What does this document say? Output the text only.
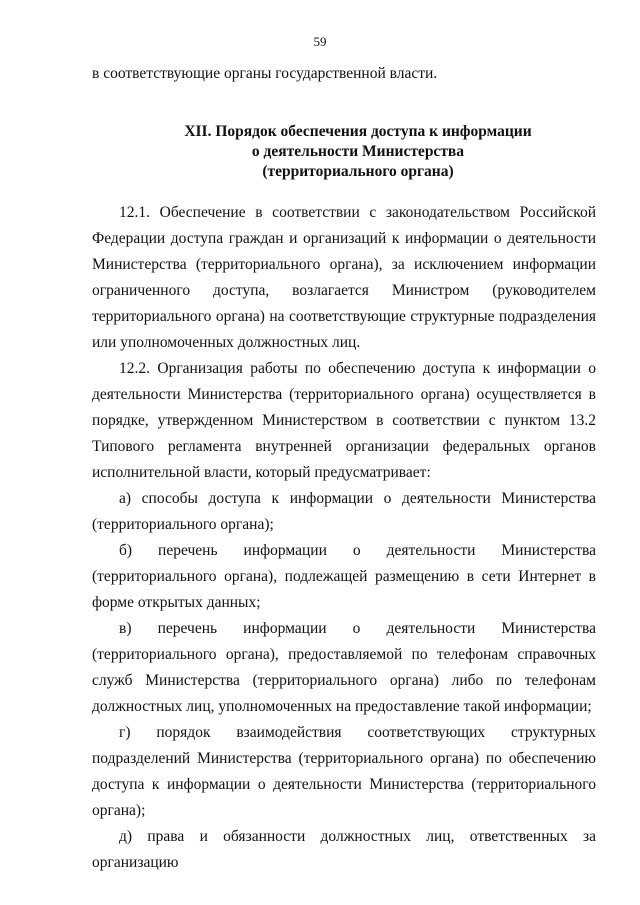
59

в соответствующие органы государственной власти.

XII. Порядок обеспечения доступа к информации
о деятельности Министерства
(территориального органа)

12.1. Обеспечение в соответствии с законодательством Российской Федерации доступа граждан и организаций к информации о деятельности Министерства (территориального органа), за исключением информации ограниченного доступа, возлагается Министром (руководителем территориального органа) на соответствующие структурные подразделения или уполномоченных должностных лиц.

12.2. Организация работы по обеспечению доступа к информации о деятельности Министерства (территориального органа) осуществляется в порядке, утвержденном Министерством в соответствии с пунктом 13.2 Типового регламента внутренней организации федеральных органов исполнительной власти, который предусматривает:

а) способы доступа к информации о деятельности Министерства (территориального органа);

б) перечень информации о деятельности Министерства (территориального органа), подлежащей размещению в сети Интернет в форме открытых данных;

в) перечень информации о деятельности Министерства (территориального органа), предоставляемой по телефонам справочных служб Министерства (территориального органа) либо по телефонам должностных лиц, уполномоченных на предоставление такой информации;

г) порядок взаимодействия соответствующих структурных подразделений Министерства (территориального органа) по обеспечению доступа к информации о деятельности Министерства (территориального органа);

д) права и обязанности должностных лиц, ответственных за организацию
